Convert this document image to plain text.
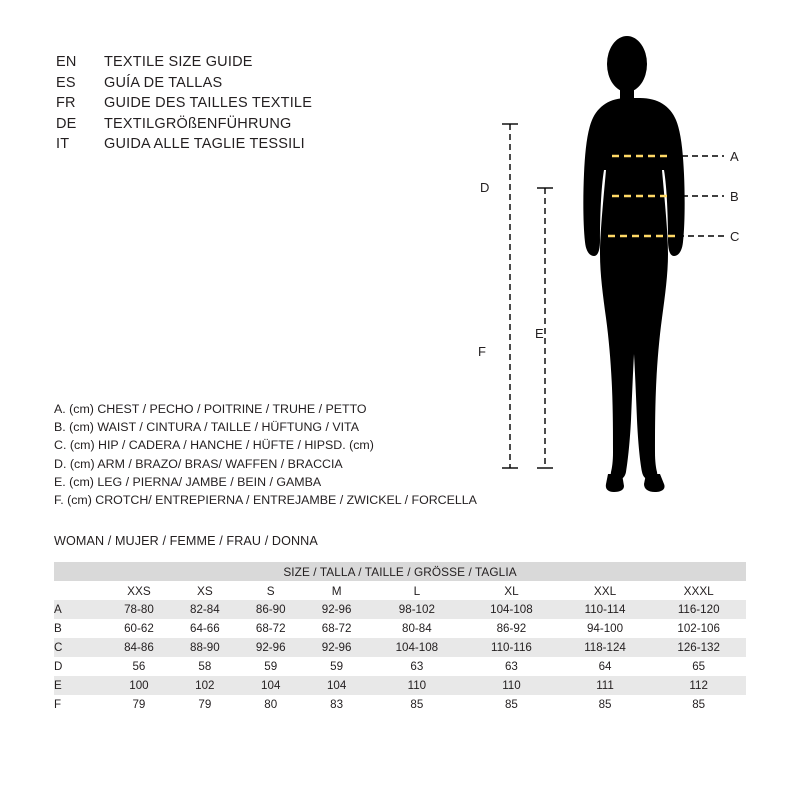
EN	TEXTILE SIZE GUIDE
ES	GUÍA DE TALLAS
FR	GUIDE DES TAILLES TEXTILE
DE	TEXTILGRÖßENFÜHRUNG
IT	GUIDA ALLE TAGLIE TESSILI
A
B
C
D
F
E
A. (cm) CHEST / PECHO / POITRINE / TRUHE / PETTO
B. (cm) WAIST / CINTURA / TAILLE / HÜFTUNG / VITA
C. (cm) HIP / CADERA / HANCHE / HÜFTE / HIPSD. (cm)
D. (cm) ARM / BRAZO/ BRAS/ WAFFEN / BRACCIA
E. (cm) LEG / PIERNA/ JAMBE / BEIN / GAMBA
F. (cm) CROTCH/ ENTREPIERNA / ENTREJAMBE / ZWICKEL / FORCELLA
WOMAN / MUJER / FEMME / FRAU / DONNA
SIZE / TALLA / TAILLE / GRÖSSE / TAGLIA								
	XXS	XS	S	M	L	XL	XXL	XXXL
A	78-80	82-84	86-90	92-96	98-102	104-108	110-114	116-120
B	60-62	64-66	68-72	68-72	80-84	86-92	94-100	102-106
C	84-86	88-90	92-96	92-96	104-108	110-116	118-124	126-132
D	56	58	59	59	63	63	64	65
E	100	102	104	104	110	110	111	112
F	79	79	80	83	85	85	85	85
